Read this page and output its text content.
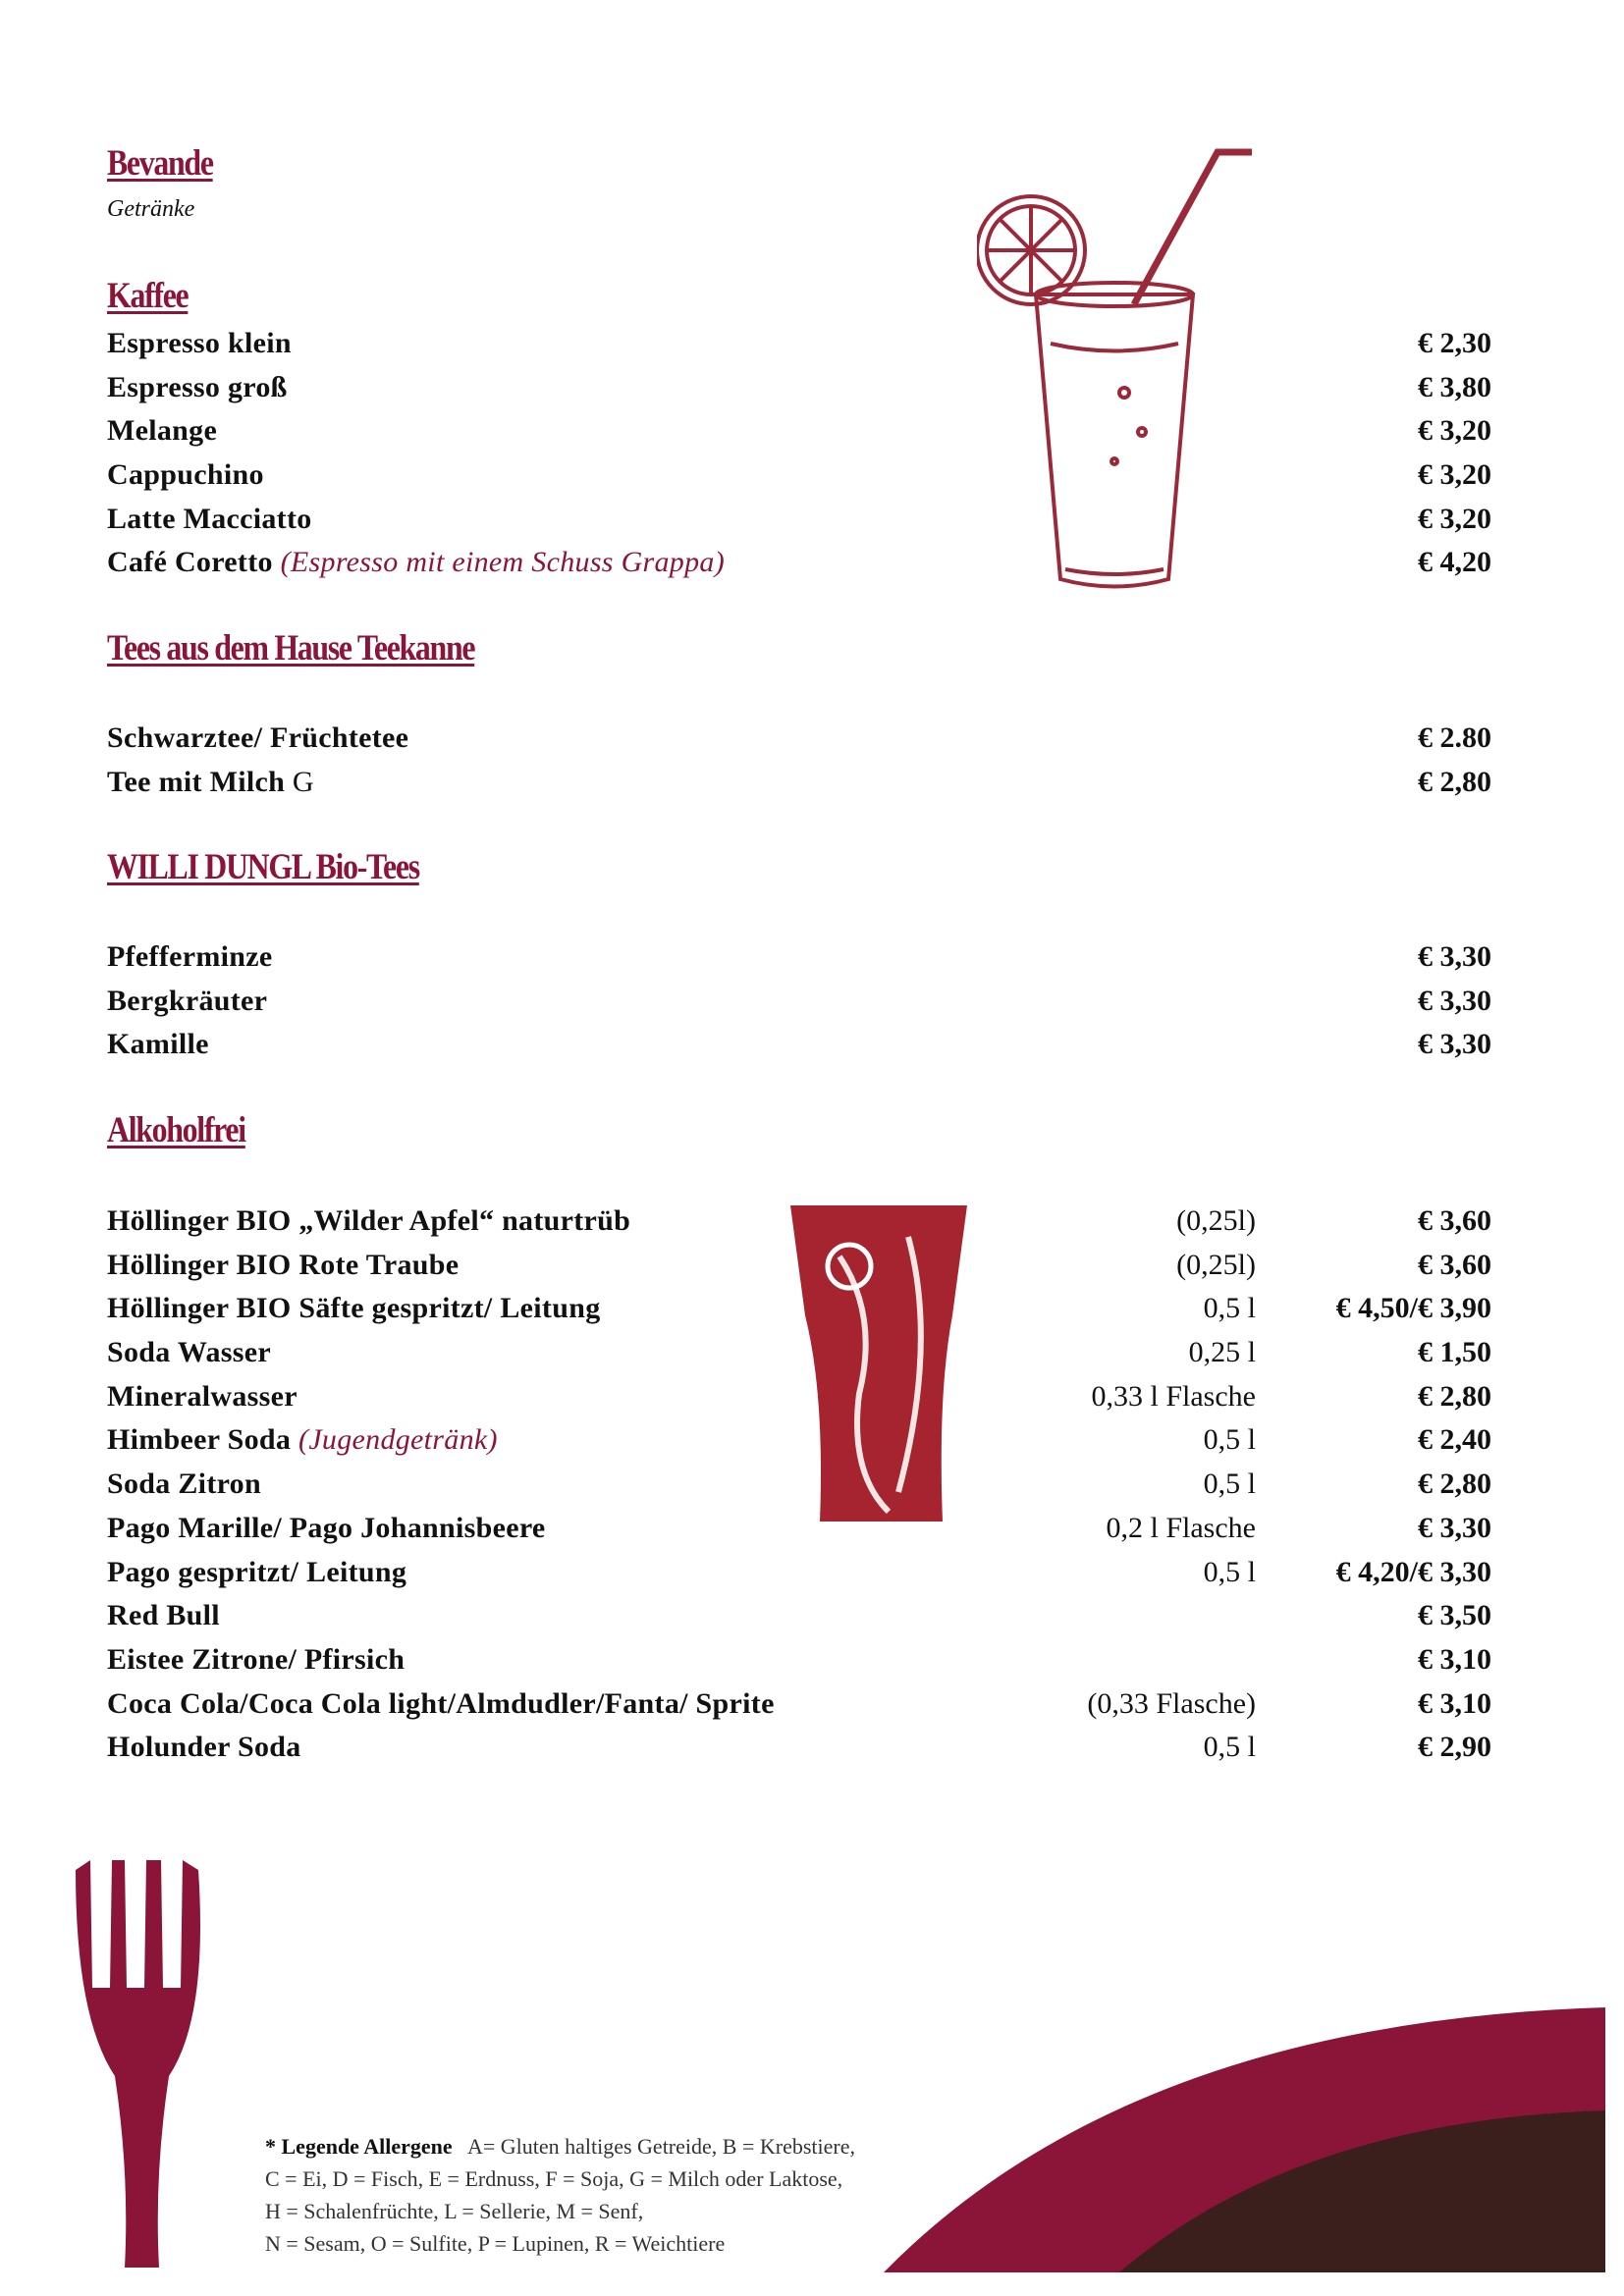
Bevande
Getränke
Kaffee
Espresso klein	€ 2,30
Espresso groß	€ 3,80
Melange	€ 3,20
Cappuchino	€ 3,20
Latte Macciatto	€ 3,20
Café Coretto (Espresso mit einem Schuss Grappa)	€ 4,20
Tees aus dem Hause Teekanne
Schwarztee/ Früchtetee	€ 2.80
Tee mit Milch G	€ 2,80
WILLI DUNGL Bio-Tees
Pfefferminze	€ 3,30
Bergkräuter	€ 3,30
Kamille	€ 3,30
Alkoholfrei
Höllinger BIO „Wilder Apfel“ naturtrüb	(0,25l)	€ 3,60
Höllinger BIO Rote Traube	(0,25l)	€ 3,60
Höllinger BIO Säfte gespritzt/ Leitung	0,5 l	€ 4,50/€ 3,90
Soda Wasser	0,25 l	€ 1,50
Mineralwasser	0,33 l Flasche	€ 2,80
Himbeer Soda (Jugendgetränk)	0,5 l	€ 2,40
Soda Zitron	0,5 l	€ 2,80
Pago Marille/ Pago Johannisbeere	0,2 l Flasche	€ 3,30
Pago gespritzt/ Leitung	0,5 l	€ 4,20/€ 3,30
Red Bull	€ 3,50
Eistee Zitrone/ Pfirsich	€ 3,10
Coca Cola/Coca Cola light/Almdudler/Fanta/ Sprite	(0,33 Flasche)	€ 3,10
Holunder Soda	0,5 l	€ 2,90
* Legende Allergene A= Gluten haltiges Getreide, B = Krebstiere,
C = Ei, D = Fisch, E = Erdnuss, F = Soja, G = Milch oder Laktose,
H = Schalenfrüchte, L = Sellerie, M = Senf,
N = Sesam, O = Sulfite, P = Lupinen, R = Weichtiere
